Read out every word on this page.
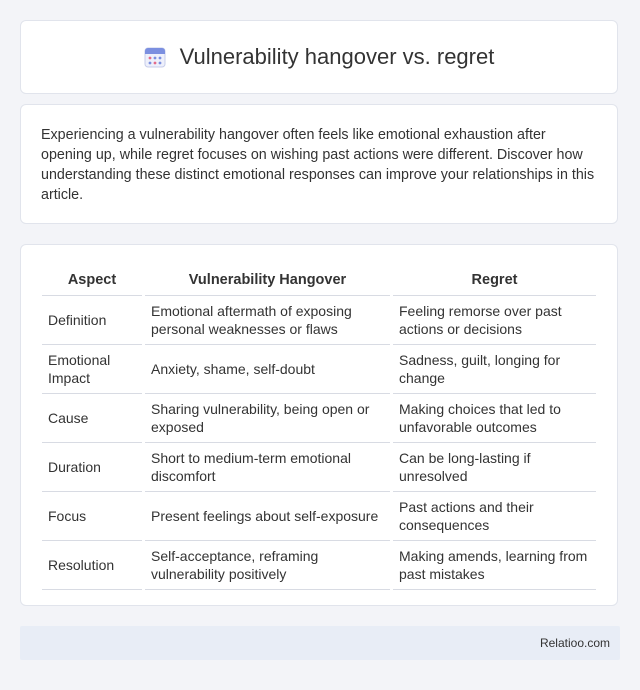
Vulnerability hangover vs. regret

Experiencing a vulnerability hangover often feels like emotional exhaustion after opening up, while regret focuses on wishing past actions were different. Discover how understanding these distinct emotional responses can improve your relationships in this article.

Aspect	Vulnerability Hangover	Regret
Definition	Emotional aftermath of exposing personal weaknesses or flaws	Feeling remorse over past actions or decisions
Emotional Impact	Anxiety, shame, self-doubt	Sadness, guilt, longing for change
Cause	Sharing vulnerability, being open or exposed	Making choices that led to unfavorable outcomes
Duration	Short to medium-term emotional discomfort	Can be long-lasting if unresolved
Focus	Present feelings about self-exposure	Past actions and their consequences
Resolution	Self-acceptance, reframing vulnerability positively	Making amends, learning from past mistakes
Relatioo.com
